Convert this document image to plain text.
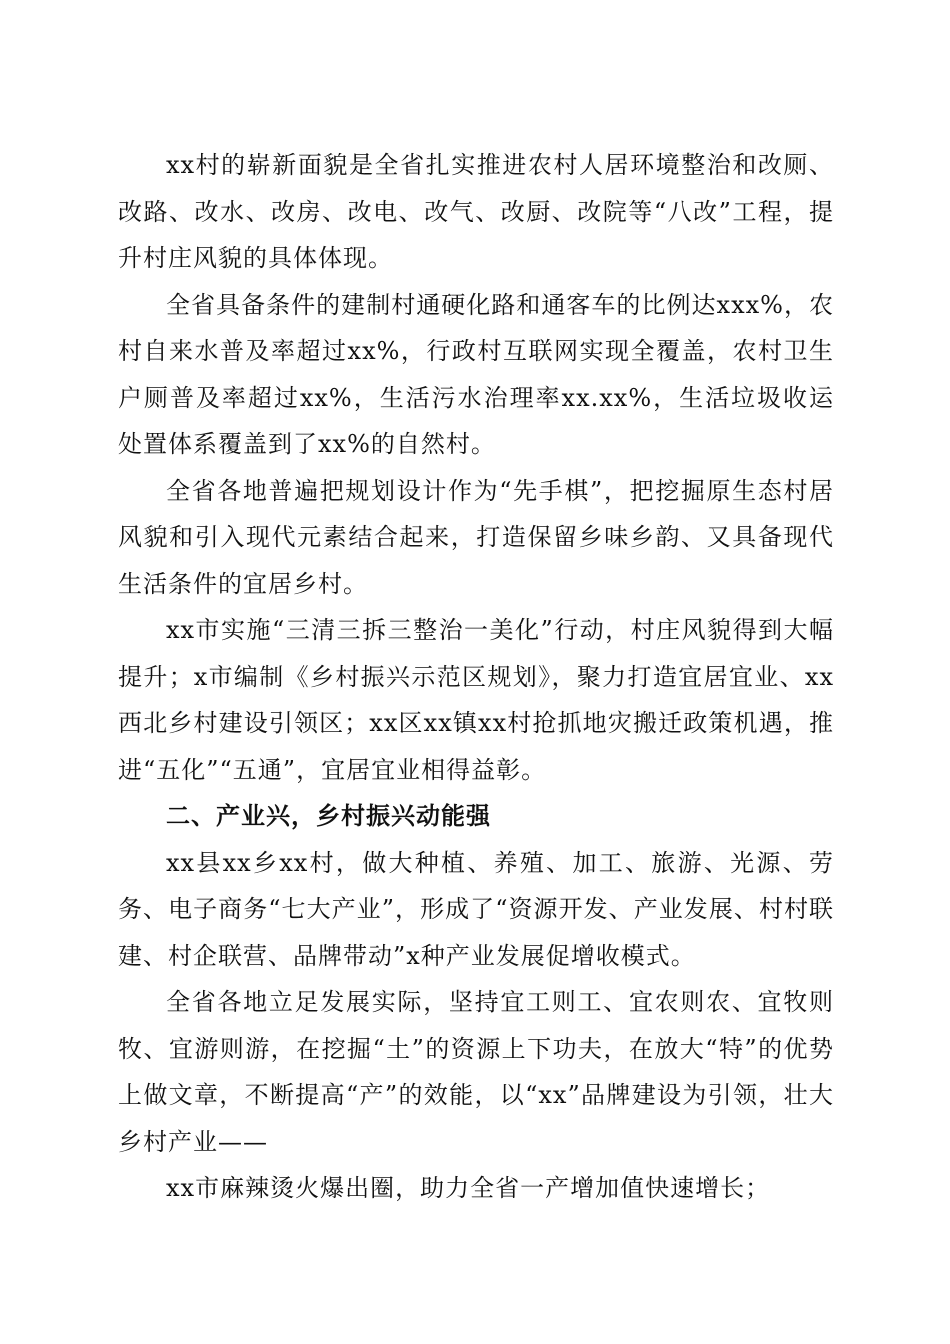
xx村的崭新面貌是全省扎实推进农村人居环境整治和改厕、改路、改水、改房、改电、改气、改厨、改院等“八改”工程，提升村庄风貌的具体体现。

全省具备条件的建制村通硬化路和通客车的比例达xxx%，农村自来水普及率超过xx%，行政村互联网实现全覆盖，农村卫生户厕普及率超过xx%，生活污水治理率xx.xx%，生活垃圾收运处置体系覆盖到了xx%的自然村。

全省各地普遍把规划设计作为“先手棋”，把挖掘原生态村居风貌和引入现代元素结合起来，打造保留乡味乡韵、又具备现代生活条件的宜居乡村。

xx市实施“三清三拆三整治一美化”行动，村庄风貌得到大幅提升；x市编制《乡村振兴示范区规划》，聚力打造宜居宜业、xx西北乡村建设引领区；xx区xx镇xx村抢抓地灾搬迁政策机遇，推进“五化”“五通”，宜居宜业相得益彰。

二、产业兴，乡村振兴动能强

xx县xx乡xx村，做大种植、养殖、加工、旅游、光源、劳务、电子商务“七大产业”，形成了“资源开发、产业发展、村村联建、村企联营、品牌带动”x种产业发展促增收模式。

全省各地立足发展实际，坚持宜工则工、宜农则农、宜牧则牧、宜游则游，在挖掘“土”的资源上下功夫，在放大“特”的优势上做文章，不断提高“产”的效能，以“xx”品牌建设为引领，壮大乡村产业——

xx市麻辣烫火爆出圈，助力全省一产增加值快速增长；
